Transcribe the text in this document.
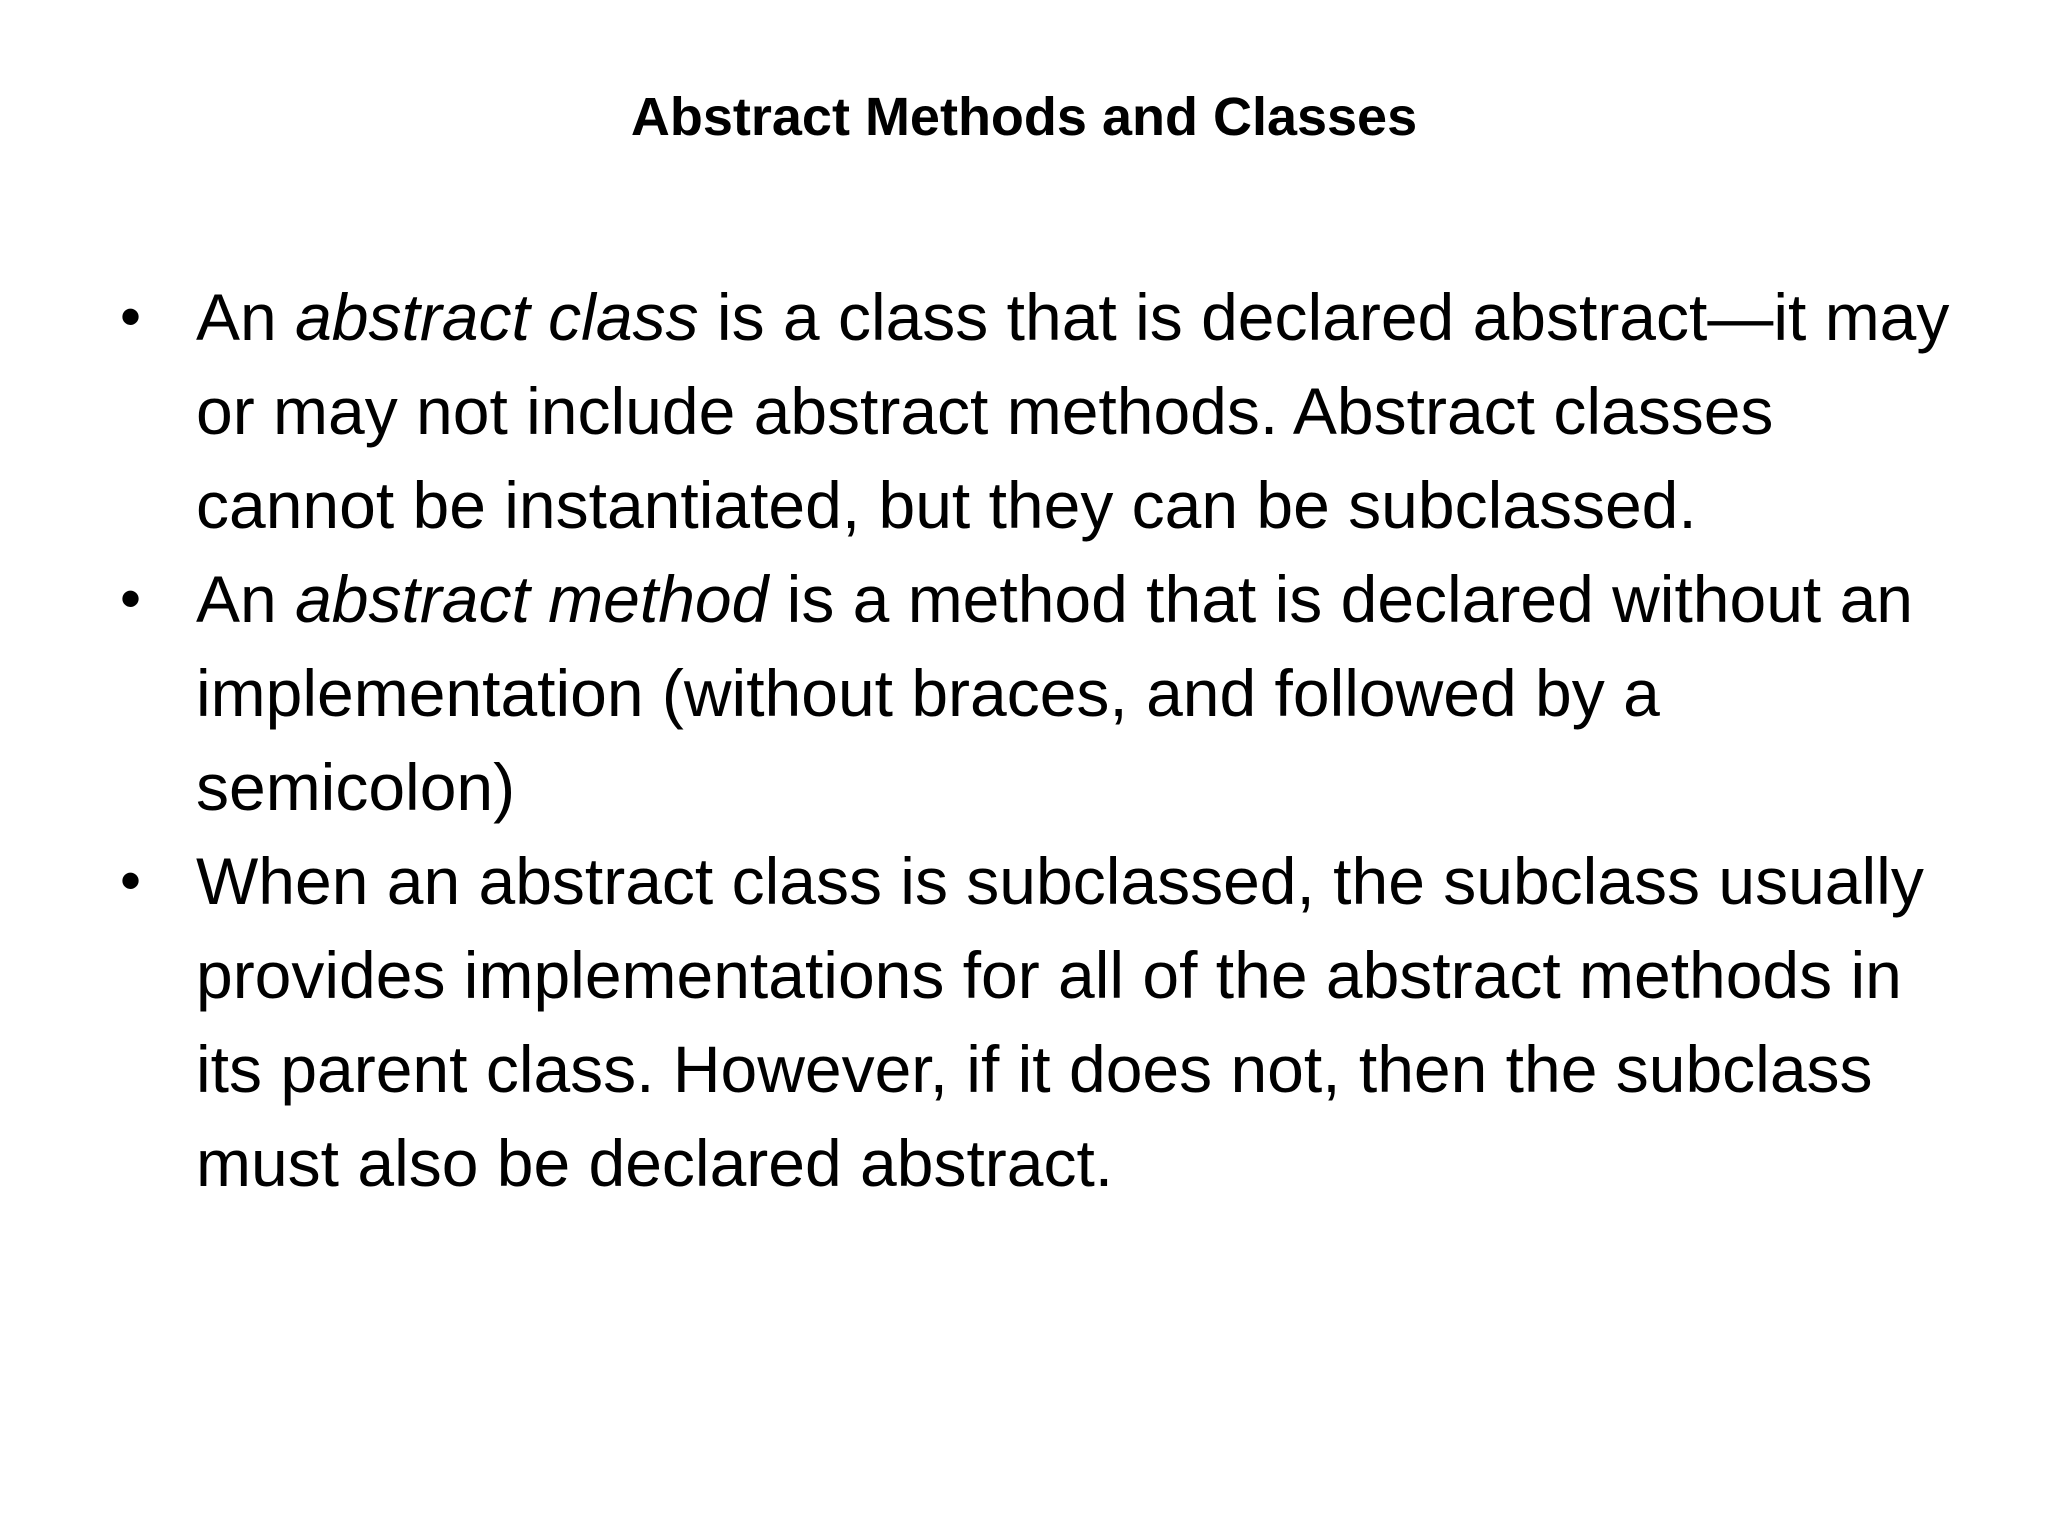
Abstract Methods and Classes
• An abstract class is a class that is declared abstract—it may or may not include abstract methods. Abstract classes cannot be instantiated, but they can be subclassed.
• An abstract method is a method that is declared without an implementation (without braces, and followed by a semicolon)
• When an abstract class is subclassed, the subclass usually provides implementations for all of the abstract methods in its parent class. However, if it does not, then the subclass must also be declared abstract.
